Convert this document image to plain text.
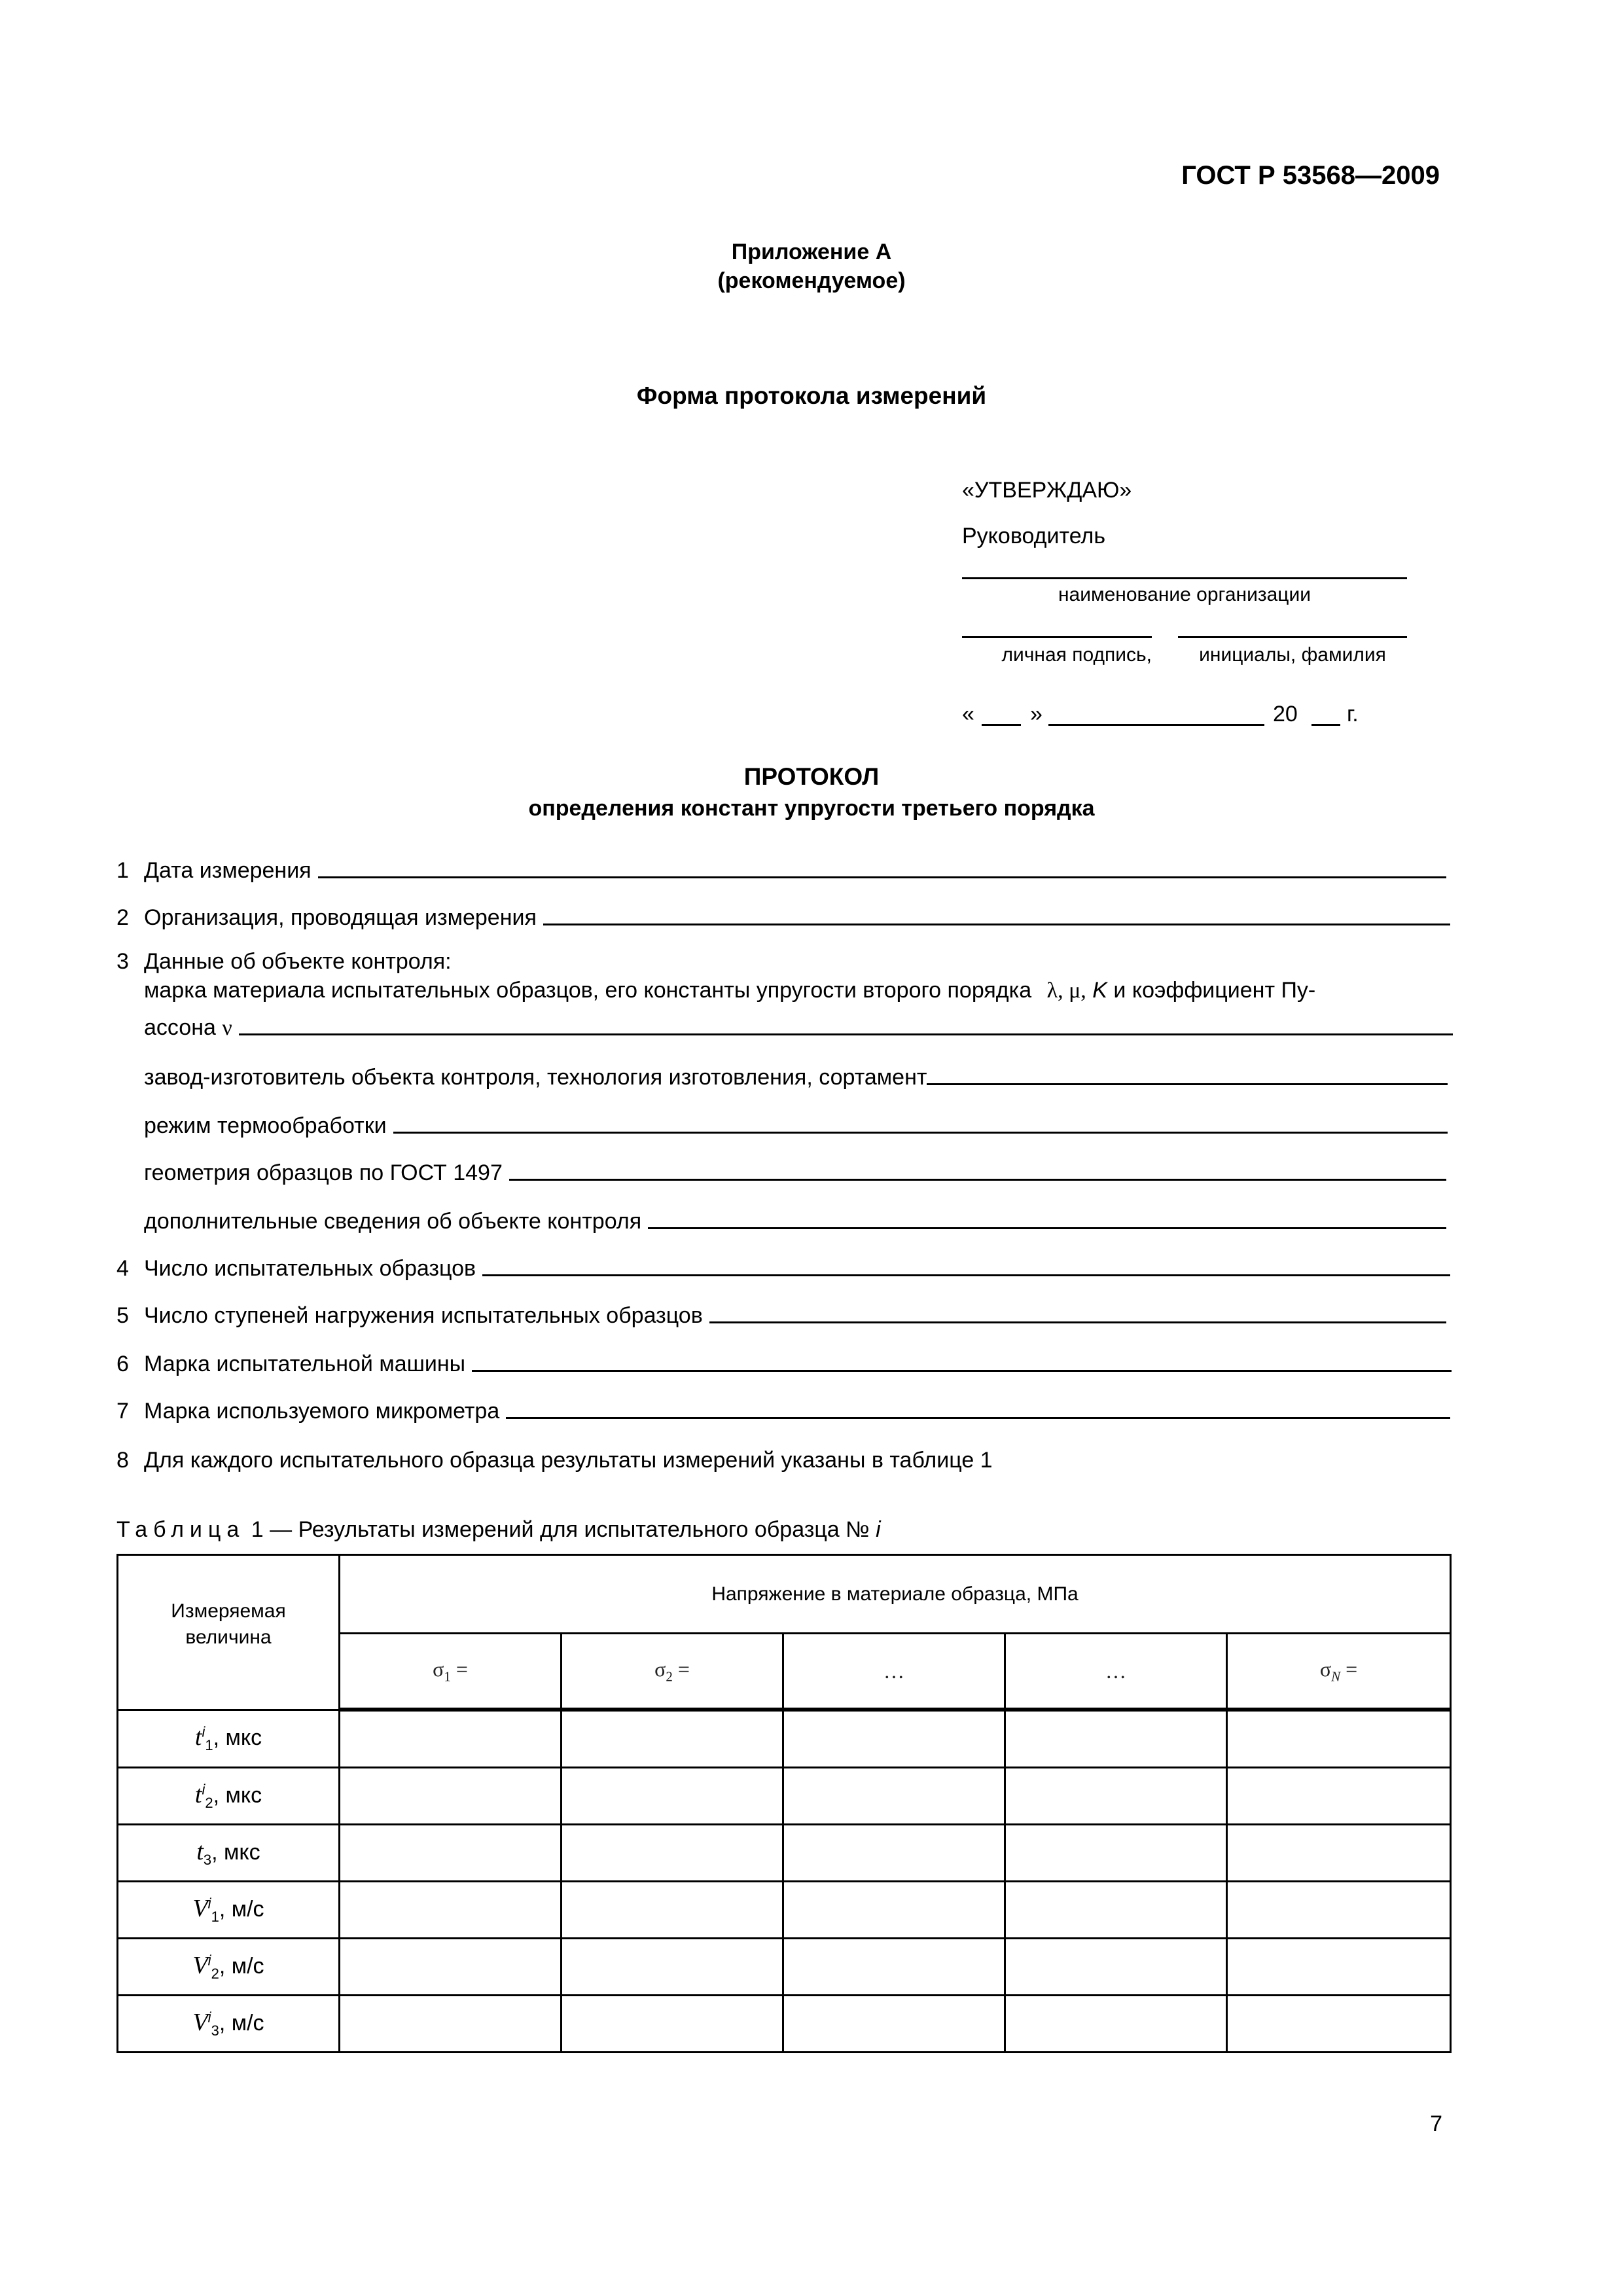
ГОСТ Р 53568—2009
Приложение А
(рекомендуемое)
Форма протокола измерений
«УТВЕРЖДАЮ»
Руководитель
наименование организации
личная подпись,	инициалы, фамилия
«	»	20 г.
ПРОТОКОЛ
определения констант упругости третьего порядка
1 Дата измерения
2 Организация, проводящая измерения
3 Данные об объекте контроля:
марка материала испытательных образцов, его константы упругости второго порядка λ, μ, K и коэффициент Пу-
ассона ν
завод-изготовитель объекта контроля, технология изготовления, сортамент
режим термообработки
геометрия образцов по ГОСТ 1497
дополнительные сведения об объекте контроля
4 Число испытательных образцов
5 Число ступеней нагружения испытательных образцов
6 Марка испытательной машины
7 Марка используемого микрометра
8 Для каждого испытательного образца результаты измерений указаны в таблице 1
Таблица 1 — Результаты измерений для испытательного образца № i
Измеряемая
величина	Напряжение в материале образца, МПа				
	$\sigma_1$ =	$\sigma_2$ =	…	…	$\sigma_N$ =
$t^i_1$, мкс					
$t^i_2$, мкс					
$t_3$, мкс					
$V^i_1$, м/с					
$V^i_2$, м/с					
$V^i_3$, м/с					
7
